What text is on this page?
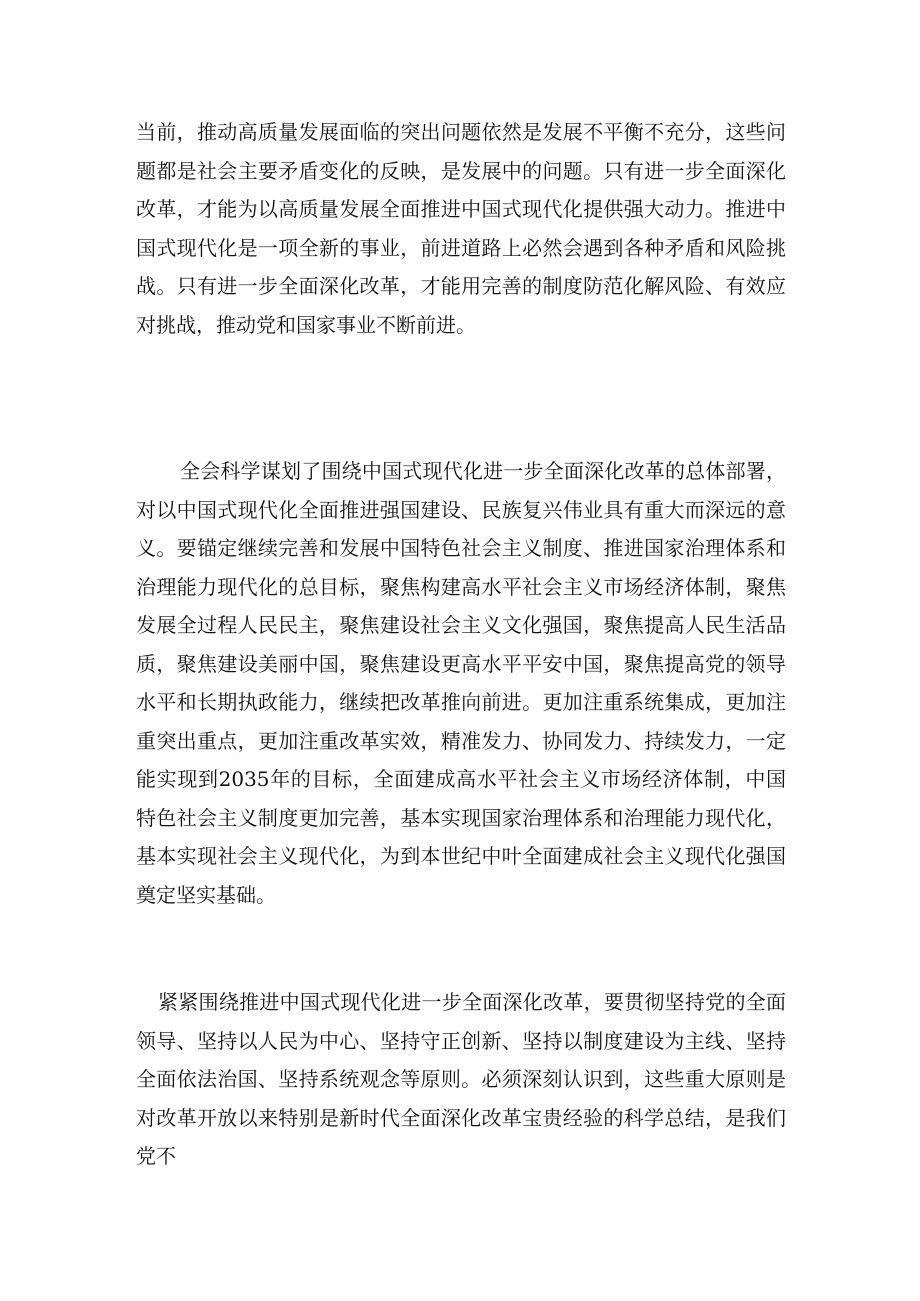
当前，推动高质量发展面临的突出问题依然是发展不平衡不充分，这些问题都是社会主要矛盾变化的反映，是发展中的问题。只有进一步全面深化改革，才能为以高质量发展全面推进中国式现代化提供强大动力。推进中国式现代化是一项全新的事业，前进道路上必然会遇到各种矛盾和风险挑战。只有进一步全面深化改革，才能用完善的制度防范化解风险、有效应对挑战，推动党和国家事业不断前进。

全会科学谋划了围绕中国式现代化进一步全面深化改革的总体部署，对以中国式现代化全面推进强国建设、民族复兴伟业具有重大而深远的意义。要锚定继续完善和发展中国特色社会主义制度、推进国家治理体系和治理能力现代化的总目标，聚焦构建高水平社会主义市场经济体制，聚焦发展全过程人民民主，聚焦建设社会主义文化强国，聚焦提高人民生活品质，聚焦建设美丽中国，聚焦建设更高水平平安中国，聚焦提高党的领导水平和长期执政能力，继续把改革推向前进。更加注重系统集成，更加注重突出重点，更加注重改革实效，精准发力、协同发力、持续发力，一定能实现到2035年的目标，全面建成高水平社会主义市场经济体制，中国特色社会主义制度更加完善，基本实现国家治理体系和治理能力现代化，基本实现社会主义现代化，为到本世纪中叶全面建成社会主义现代化强国奠定坚实基础。

紧紧围绕推进中国式现代化进一步全面深化改革，要贯彻坚持党的全面领导、坚持以人民为中心、坚持守正创新、坚持以制度建设为主线、坚持全面依法治国、坚持系统观念等原则。必须深刻认识到，这些重大原则是对改革开放以来特别是新时代全面深化改革宝贵经验的科学总结，是我们党不
